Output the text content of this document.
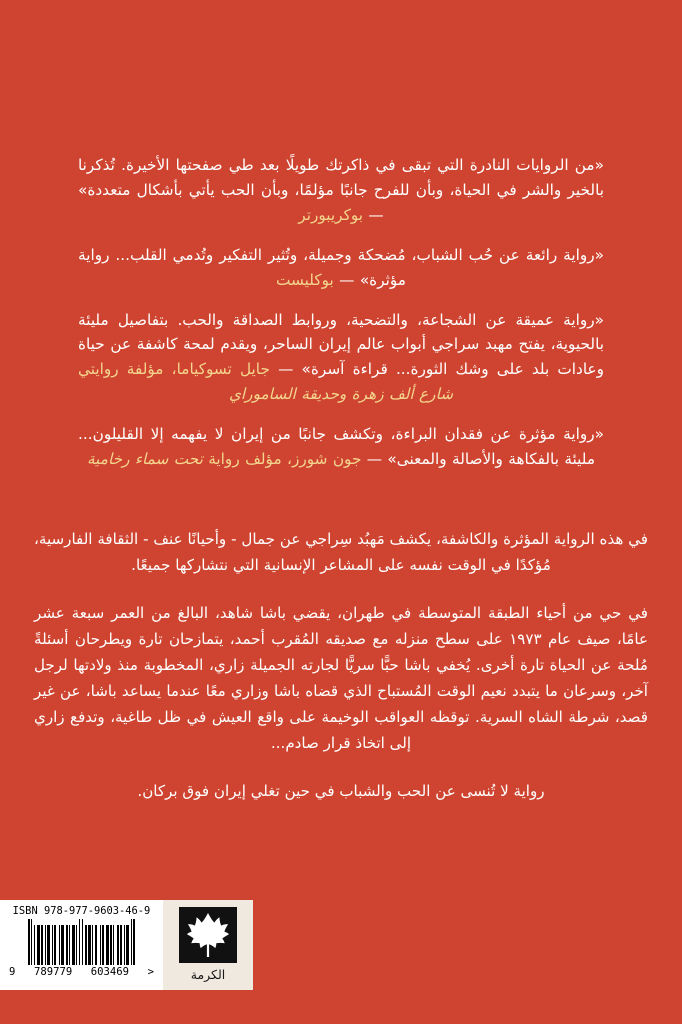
«من الروايات النادرة التي تبقى في ذاكرتك طويلًا بعد طي صفحتها الأخيرة. تُذكرنا بالخير والشر في الحياة، وبأن للفرح جانبًا مؤلمًا، وبأن الحب يأتي بأشكال متعددة» — بوكريبورتر

«رواية رائعة عن حُب الشباب، مُضحكة وجميلة، وتُثير التفكير وتُدمي القلب... رواية مؤثرة» — بوكليست

«رواية عميقة عن الشجاعة، والتضحية، وروابط الصداقة والحب. بتفاصيل مليئة بالحيوية، يفتح مهبد سراجي أبواب عالم إيران الساحر، ويقدم لمحة كاشفة عن حياة وعادات بلد على وشك الثورة... قراءة آسرة» — جايل تسوكياما، مؤلفة روايتي شارع ألف زهرة وحديقة الساموراي

«رواية مؤثرة عن فقدان البراءة، وتكشف جانبًا من إيران لا يفهمه إلا القليلون... مليئة بالفكاهة والأصالة والمعنى» — جون شورز، مؤلف رواية تحت سماء رخامية

في هذه الرواية المؤثرة والكاشفة، يكشف مَهبُد سِراجي عن جمال - وأحيانًا عنف - الثقافة الفارسية، مُؤكدًا في الوقت نفسه على المشاعر الإنسانية التي نتشاركها جميعًا.

في حي من أحياء الطبقة المتوسطة في طهران، يقضي باشا شاهد، البالغ من العمر سبعة عشر عامًا، صيف عام ١٩٧٣ على سطح منزله مع صديقه المُقرب أحمد، يتمازحان تارة ويطرحان أسئلةً مُلحة عن الحياة تارة أخرى. يُخفي باشا حبًّا سريًّا لجارته الجميلة زاري، المخطوبة منذ ولادتها لرجل آخر، وسرعان ما يتبدد نعيم الوقت المُستباح الذي قضاه باشا وزاري معًا عندما يساعد باشا، عن غير قصد، شرطة الشاه السرية. توقظه العواقب الوخيمة على واقع العيش في ظل طاغية، وتدفع زاري إلى اتخاذ قرار صادم...

رواية لا تُنسى عن الحب والشباب في حين تغلي إيران فوق بركان.

الكرمة
ISBN 978-977-9603-46-9
9 789779 603469 >
